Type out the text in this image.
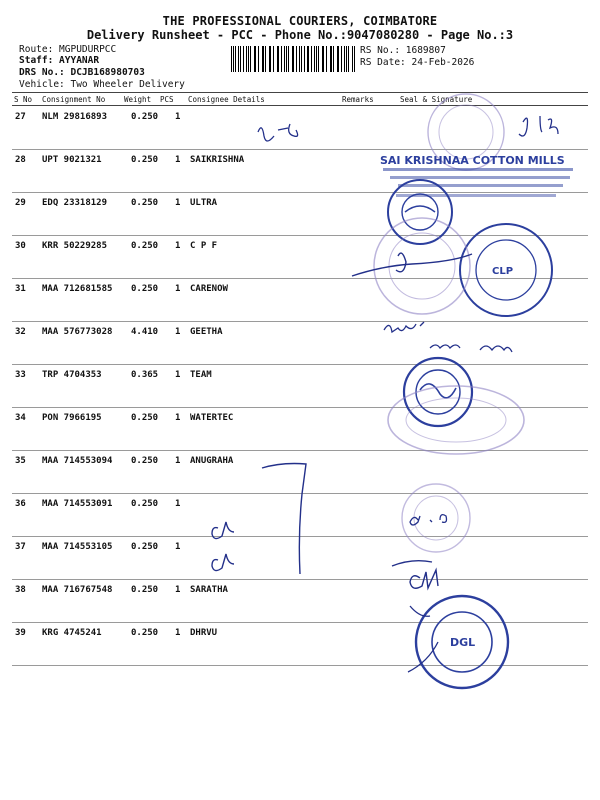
THE PROFESSIONAL COURIERS, COIMBATORE
Delivery Runsheet - PCC - Phone No.:9047080280 - Page No.:3
Route: MGPUDURPCC
Staff: AYYANAR
DRS No.: DCJB168980703
Vehicle: Two Wheeler Delivery
RS No.: 1689807
RS Date: 24-Feb-2026
S No Consignment No	Weight PCS Consignee Details	Remarks	Seal & Signature
27 NLM 29816893	0.250 1
28 UPT 9021321	0.250 1 SAIKRISHNA
29 EDQ 23318129	0.250 1 ULTRA
30 KRR 50229285	0.250 1 C P F
31 MAA 712681585 0.250 1 CARENOW
32 MAA 576773028 4.410 1 GEETHA
33 TRP 4704353	0.365 1 TEAM
34 PON 7966195	0.250 1 WATERTEC
35 MAA 714553094 0.250 1 ANUGRAHA
36 MAA 714553091 0.250 1
37 MAA 714553105 0.250 1
38 MAA 716767548 0.250 1 SARATHA
39 KRG 4745241	0.250 1 DHRVU
SAI KRISHNAA COTTON MILLS
CLP
DGL
